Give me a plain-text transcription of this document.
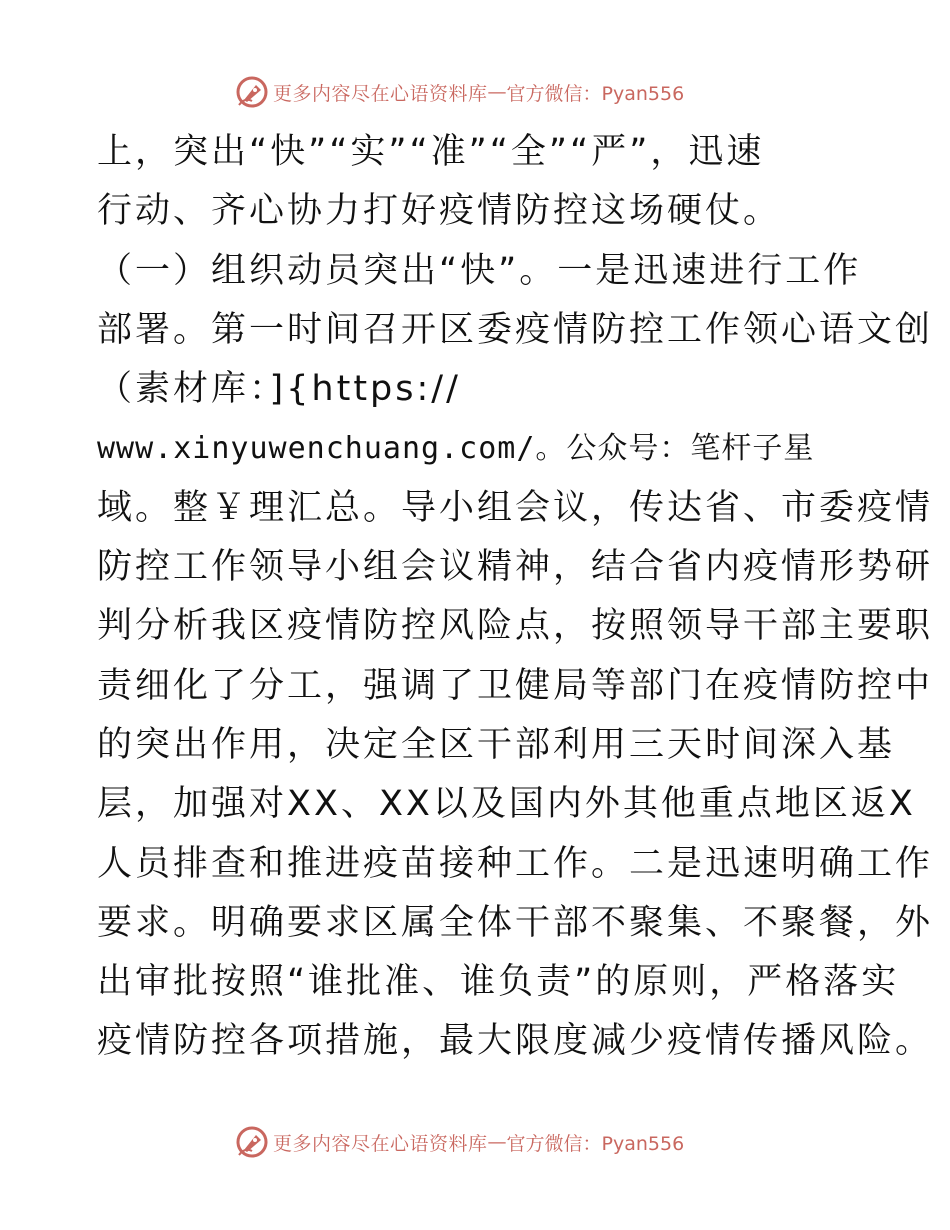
更多内容尽在心语资料库 — 官方微信：Pyan556
上，突出“快”“实”“准”“全”“严”，迅速
行动、齐心协力打好疫情防控这场硬仗。
（一）组织动员突出“快”。一是迅速进行工作
部署。第一时间召开区委疫情防控工作领心语文创
（素材库：]{https://
www.xinyuwenchuang.com/。公众号：笔杆子星
域。整￥理汇总。导小组会议，传达省、市委疫情
防控工作领导小组会议精神，结合省内疫情形势研
判分析我区疫情防控风险点，按照领导干部主要职
责细化了分工，强调了卫健局等部门在疫情防控中
的突出作用，决定全区干部利用三天时间深入基
层，加强对XX、XX以及国内外其他重点地区返X
人员排查和推进疫苗接种工作。二是迅速明确工作
要求。明确要求区属全体干部不聚集、不聚餐，外
出审批按照“谁批准、谁负责”的原则，严格落实
疫情防控各项措施，最大限度减少疫情传播风险。
更多内容尽在心语资料库 — 官方微信：Pyan556
